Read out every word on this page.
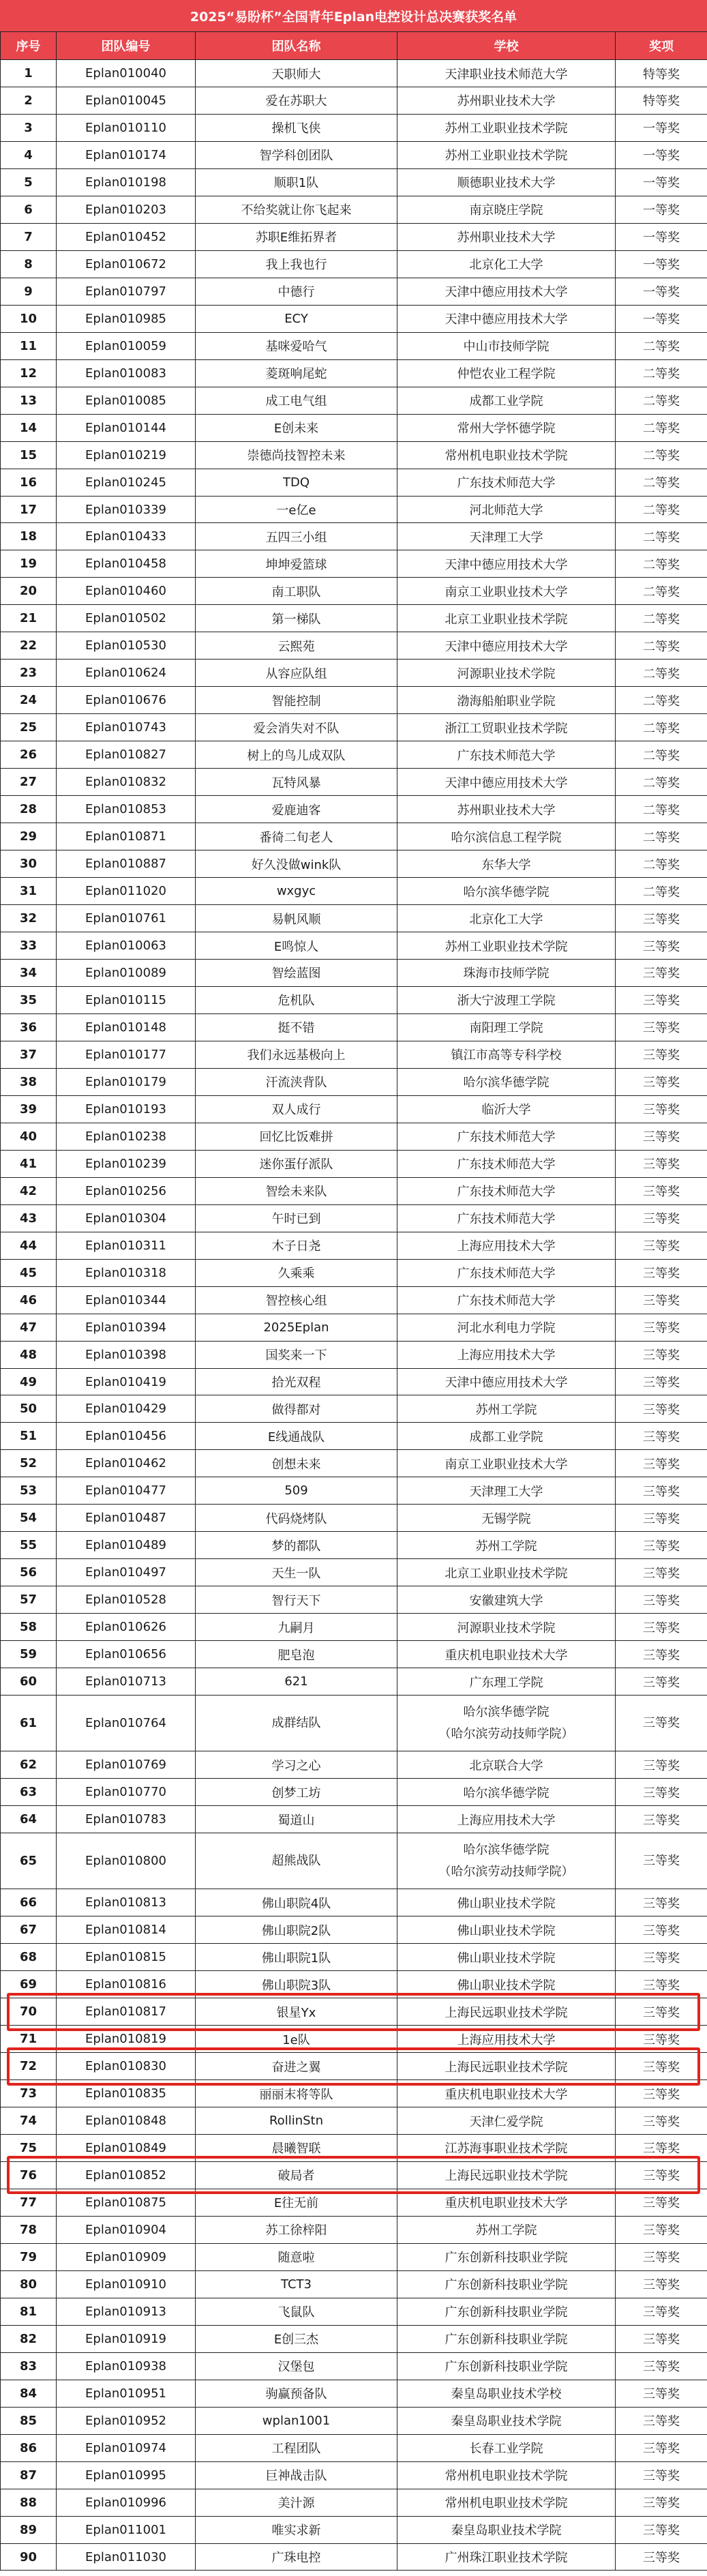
2025“易盼杯”全国青年Eplan电控设计总决赛获奖名单
序号	团队编号	团队名称	学校	奖项
1	Eplan010040	天职师大	天津职业技术师范大学	特等奖
2	Eplan010045	爱在苏职大	苏州职业技术大学	特等奖
3	Eplan010110	操机飞侠	苏州工业职业技术学院	一等奖
4	Eplan010174	智学科创团队	苏州工业职业技术学院	一等奖
5	Eplan010198	顺职1队	顺德职业技术大学	一等奖
6	Eplan010203	不给奖就让你飞起来	南京晓庄学院	一等奖
7	Eplan010452	苏职E维拓界者	苏州职业技术大学	一等奖
8	Eplan010672	我上我也行	北京化工大学	一等奖
9	Eplan010797	中德行	天津中德应用技术大学	一等奖
10	Eplan010985	ECY	天津中德应用技术大学	一等奖
11	Eplan010059	基咪爱哈气	中山市技师学院	二等奖
12	Eplan010083	菱斑响尾蛇	仲恺农业工程学院	二等奖
13	Eplan010085	成工电气组	成都工业学院	二等奖
14	Eplan010144	E创未来	常州大学怀德学院	二等奖
15	Eplan010219	崇德尚技智控未来	常州机电职业技术学院	二等奖
16	Eplan010245	TDQ	广东技术师范大学	二等奖
17	Eplan010339	一e亿e	河北师范大学	二等奖
18	Eplan010433	五四三小组	天津理工大学	二等奖
19	Eplan010458	坤坤爱篮球	天津中德应用技术大学	二等奖
20	Eplan010460	南工职队	南京工业职业技术大学	二等奖
21	Eplan010502	第一梯队	北京工业职业技术学院	二等奖
22	Eplan010530	云熙苑	天津中德应用技术大学	二等奖
23	Eplan010624	从容应队组	河源职业技术学院	二等奖
24	Eplan010676	智能控制	渤海船舶职业学院	二等奖
25	Eplan010743	爱会消失对不队	浙江工贸职业技术学院	二等奖
26	Eplan010827	树上的鸟儿成双队	广东技术师范大学	二等奖
27	Eplan010832	瓦特风暴	天津中德应用技术大学	二等奖
28	Eplan010853	爱鹿迪客	苏州职业技术大学	二等奖
29	Eplan010871	番徛二旬老人	哈尔滨信息工程学院	二等奖
30	Eplan010887	好久没做wink队	东华大学	二等奖
31	Eplan011020	wxgyc	哈尔滨华德学院	二等奖
32	Eplan010761	易帆风顺	北京化工大学	三等奖
33	Eplan010063	E鸣惊人	苏州工业职业技术学院	三等奖
34	Eplan010089	智绘蓝图	珠海市技师学院	三等奖
35	Eplan010115	危机队	浙大宁波理工学院	三等奖
36	Eplan010148	挺不错	南阳理工学院	三等奖
37	Eplan010177	我们永远基极向上	镇江市高等专科学校	三等奖
38	Eplan010179	汗流浃背队	哈尔滨华德学院	三等奖
39	Eplan010193	双人成行	临沂大学	三等奖
40	Eplan010238	回忆比饭难拼	广东技术师范大学	三等奖
41	Eplan010239	迷你蛋仔派队	广东技术师范大学	三等奖
42	Eplan010256	智绘未来队	广东技术师范大学	三等奖
43	Eplan010304	午时已到	广东技术师范大学	三等奖
44	Eplan010311	木子日尧	上海应用技术大学	三等奖
45	Eplan010318	久乘乘	广东技术师范大学	三等奖
46	Eplan010344	智控核心组	广东技术师范大学	三等奖
47	Eplan010394	2025Eplan	河北水利电力学院	三等奖
48	Eplan010398	国奖来一下	上海应用技术大学	三等奖
49	Eplan010419	拾光双程	天津中德应用技术大学	三等奖
50	Eplan010429	做得都对	苏州工学院	三等奖
51	Eplan010456	E线通战队	成都工业学院	三等奖
52	Eplan010462	创想未来	南京工业职业技术大学	三等奖
53	Eplan010477	509	天津理工大学	三等奖
54	Eplan010487	代码烧烤队	无锡学院	三等奖
55	Eplan010489	梦的都队	苏州工学院	三等奖
56	Eplan010497	天生一队	北京工业职业技术学院	三等奖
57	Eplan010528	智行天下	安徽建筑大学	三等奖
58	Eplan010626	九嗣月	河源职业技术学院	三等奖
59	Eplan010656	肥皂泡	重庆机电职业技术大学	三等奖
60	Eplan010713	621	广东理工学院	三等奖
61	Eplan010764	成群结队	哈尔滨华德学院
（哈尔滨劳动技师学院）	三等奖
62	Eplan010769	学习之心	北京联合大学	三等奖
63	Eplan010770	创梦工坊	哈尔滨华德学院	三等奖
64	Eplan010783	蜀道山	上海应用技术大学	三等奖
65	Eplan010800	超熊战队	哈尔滨华德学院
（哈尔滨劳动技师学院）	三等奖
66	Eplan010813	佛山职院4队	佛山职业技术学院	三等奖
67	Eplan010814	佛山职院2队	佛山职业技术学院	三等奖
68	Eplan010815	佛山职院1队	佛山职业技术学院	三等奖
69	Eplan010816	佛山职院3队	佛山职业技术学院	三等奖
70	Eplan010817	银星Yx	上海民远职业技术学院	三等奖
71	Eplan010819	1e队	上海应用技术大学	三等奖
72	Eplan010830	奋进之翼	上海民远职业技术学院	三等奖
73	Eplan010835	丽丽末将等队	重庆机电职业技术大学	三等奖
74	Eplan010848	RollinStn	天津仁爱学院	三等奖
75	Eplan010849	晨曦智联	江苏海事职业技术学院	三等奖
76	Eplan010852	破局者	上海民远职业技术学院	三等奖
77	Eplan010875	E往无前	重庆机电职业技术大学	三等奖
78	Eplan010904	苏工徐梓阳	苏州工学院	三等奖
79	Eplan010909	随意啦	广东创新科技职业学院	三等奖
80	Eplan010910	TCT3	广东创新科技职业学院	三等奖
81	Eplan010913	飞鼠队	广东创新科技职业学院	三等奖
82	Eplan010919	E创三杰	广东创新科技职业学院	三等奖
83	Eplan010938	汉堡包	广东创新科技职业学院	三等奖
84	Eplan010951	驹赢预备队	秦皇岛职业技术学校	三等奖
85	Eplan010952	wplan1001	秦皇岛职业技术学院	三等奖
86	Eplan010974	工程团队	长春工业学院	三等奖
87	Eplan010995	巨神战击队	常州机电职业技术学院	三等奖
88	Eplan010996	美汁源	常州机电职业技术学院	三等奖
89	Eplan011001	唯实求新	秦皇岛职业技术学院	三等奖
90	Eplan011030	广珠电控	广州珠江职业技术学院	三等奖
